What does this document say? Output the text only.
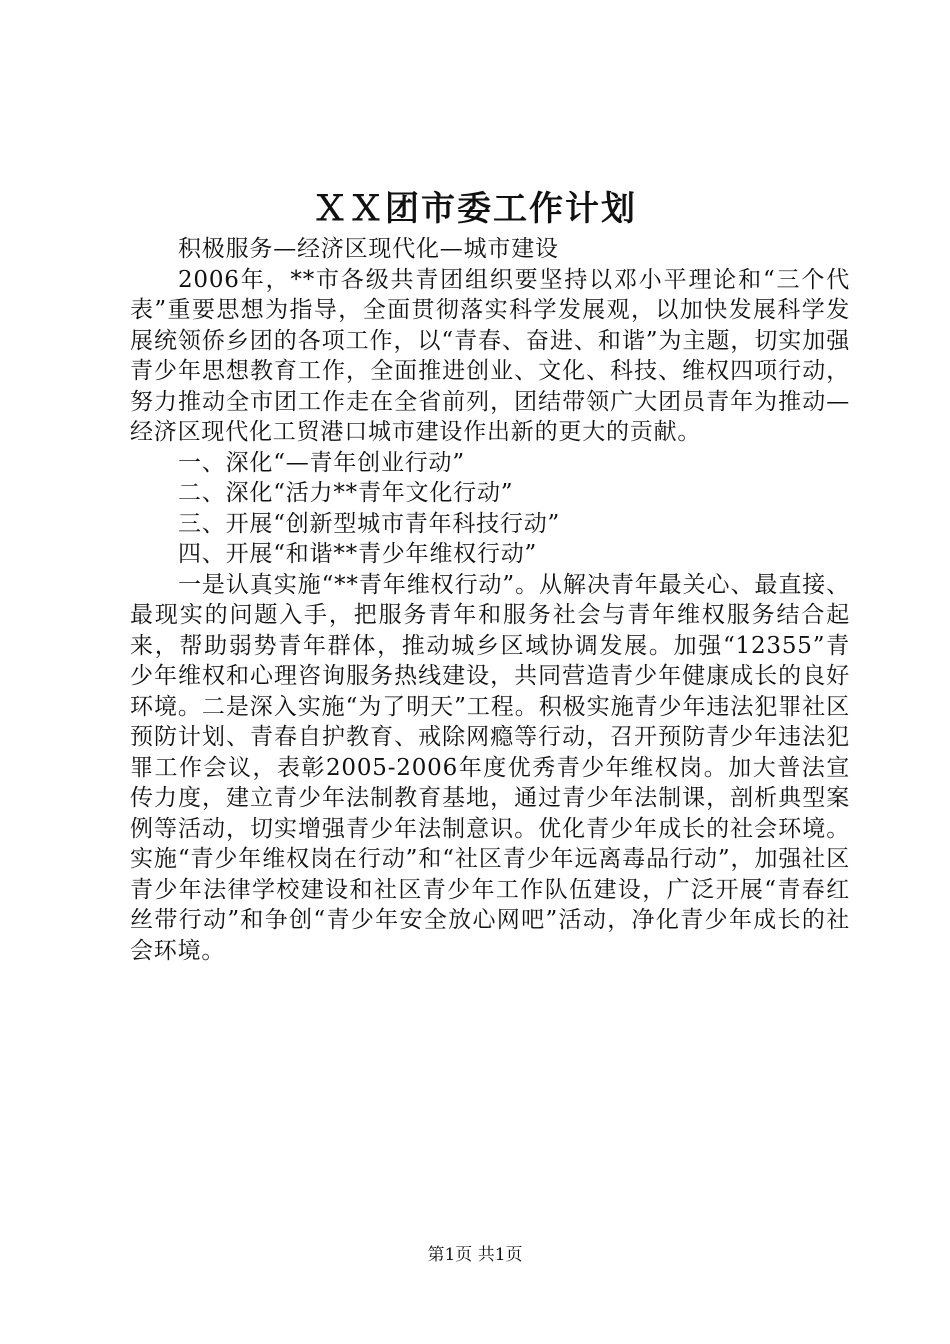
ＸＸ团市委工作计划

积极服务—经济区现代化—城市建设

2006年，**市各级共青团组织要坚持以邓小平理论和“三个代表”重要思想为指导，全面贯彻落实科学发展观，以加快发展科学发展统领侨乡团的各项工作，以“青春、奋进、和谐”为主题，切实加强青少年思想教育工作，全面推进创业、文化、科技、维权四项行动，努力推动全市团工作走在全省前列，团结带领广大团员青年为推动—经济区现代化工贸港口城市建设作出新的更大的贡献。

一、深化“—青年创业行动”

二、深化“活力**青年文化行动”

三、开展“创新型城市青年科技行动”

四、开展“和谐**青少年维权行动”

一是认真实施“**青年维权行动”。从解决青年最关心、最直接、最现实的问题入手，把服务青年和服务社会与青年维权服务结合起来，帮助弱势青年群体，推动城乡区域协调发展。加强“12355”青少年维权和心理咨询服务热线建设，共同营造青少年健康成长的良好环境。二是深入实施“为了明天”工程。积极实施青少年违法犯罪社区预防计划、青春自护教育、戒除网瘾等行动，召开预防青少年违法犯罪工作会议，表彰2005-2006年度优秀青少年维权岗。加大普法宣传力度，建立青少年法制教育基地，通过青少年法制课，剖析典型案例等活动，切实增强青少年法制意识。优化青少年成长的社会环境。实施“青少年维权岗在行动”和“社区青少年远离毒品行动”，加强社区青少年法律学校建设和社区青少年工作队伍建设，广泛开展“青春红丝带行动”和争创“青少年安全放心网吧”活动，净化青少年成长的社会环境。

第1页 共1页
